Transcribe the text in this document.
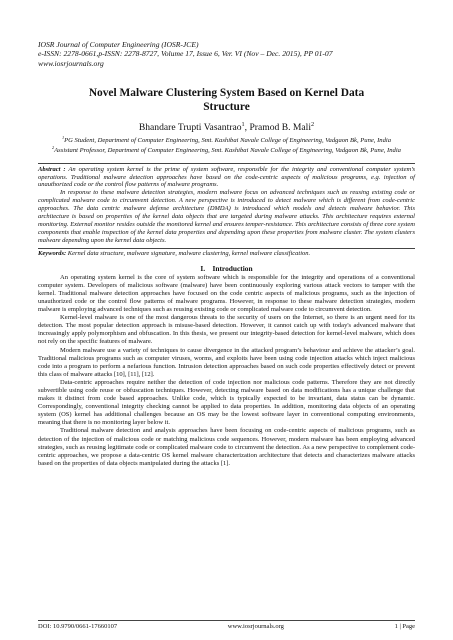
IOSR Journal of Computer Engineering (IOSR-JCE)
e-ISSN: 2278-0661,p-ISSN: 2278-8727, Volume 17, Issue 6, Ver. VI (Nov – Dec. 2015), PP 01-07
www.iosrjournals.org
Novel Malware Clustering System Based on Kernel Data Structure
Bhandare Trupti Vasantrao$^1$, Pramod B. Mali$^2$
$^1$PG Student, Department of Computer Engineering, Smt. Kashibai Navale College of Engineering, Vadgaon Bk, Pune, India
$^2$Assistant Professor, Department of Computer Engineering, Smt. Kashibai Navale College of Engineering, Vadgaon Bk, Pune, India

Abstract : An operating system kernel is the prime of system software, responsible for the integrity and conventional computer system’s operations. Traditional malware detection approaches have based on the code-centric aspects of malicious programs, e.g. injection of unauthorized code or the control flow patterns of malware programs.

In response to these malware detection strategies, modern malware focus on advanced techniques such as reusing existing code or complicated malware code to circumvent detection. A new perspective is introduced to detect malware which is different from code-centric approaches. The data centric malware defense architecture (DMDA) is introduced which models and detects malware behavior. This architecture is based on properties of the kernel data objects that are targeted during malware attacks. This architecture requires external monitoring. External monitor resides outside the monitored kernel and ensures temper-resistance. This architecture consists of three core system components that enable inspection of the kernel data properties and depending upon these properties from malware cluster. The system clusters malware depending upon the kernel data objects.

Keywords: Kernel data structure, malware signature, malware clustering, kernel malware classification.
I.    Introduction

An operating system kernel is the core of system software which is responsible for the integrity and operations of a conventional computer system. Developers of malicious software (malware) have been continuously exploring various attack vectors to tamper with the kernel. Traditional malware detection approaches have focused on the code centric aspects of malicious programs, such as the injection of unauthorized code or the control flow patterns of malware programs. However, in response to these malware detection strategies, modern malware is employing advanced techniques such as reusing existing code or complicated malware code to circumvent detection.

Kernel-level malware is one of the most dangerous threats to the security of users on the Internet, so there is an urgent need for its detection. The most popular detection approach is misuse-based detection. However, it cannot catch up with today's advanced malware that increasingly apply polymorphism and obfuscation. In this thesis, we present our integrity-based detection for kernel-level malware, which does not rely on the specific features of malware.

Modern malware use a variety of techniques to cause divergence in the attacked program’s behaviour and achieve the attacker’s goal. Traditional malicious programs such as computer viruses, worms, and exploits have been using code injection attacks which inject malicious code into a program to perform a nefarious function. Intrusion detection approaches based on such code properties effectively detect or prevent this class of malware attacks [10], [11], [12].

Data-centric approaches require neither the detection of code injection nor malicious code patterns. Therefore they are not directly subvertible using code reuse or obfuscation techniques. However, detecting malware based on data modifications has a unique challenge that makes it distinct from code based approaches. Unlike code, which is typically expected to be invariant, data status can be dynamic. Correspondingly, conventional integrity checking cannot be applied to data properties. In addition, monitoring data objects of an operating system (OS) kernel has additional challenges because an OS may be the lowest software layer in conventional computing environments, meaning that there is no monitoring layer below it.

Traditional malware detection and analysis approaches have been focusing on code-centric aspects of malicious programs, such as detection of the injection of malicious code or matching malicious code sequences. However, modern malware has been employing advanced strategies, such as reusing legitimate code or complicated malware code to circumvent the detection. As a new perspective to complement code-centric approaches, we propose a data-centric OS kernel malware characterization architecture that detects and characterizes malware attacks based on the properties of data objects manipulated during the attacks [1].

DOI: 10.9790/0661-17660107	www.iosrjournals.org	1 | Page
